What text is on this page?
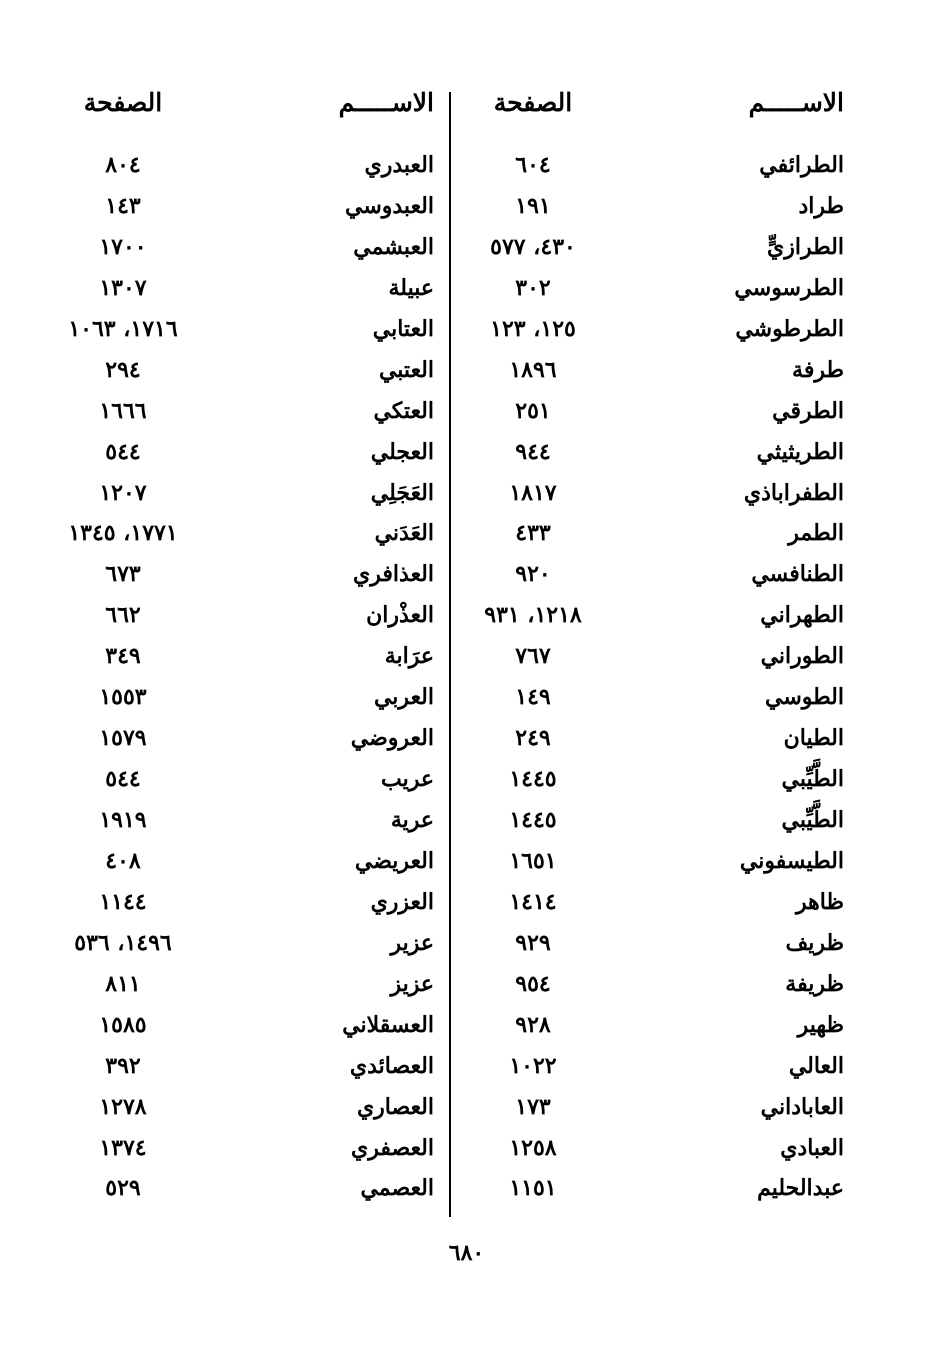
الاســـــم
الصفحة
الطرائفي
٦٠٤
طراد
١٩١
الطرازيٍّ
٤٣٠، ٥٧٧
الطرسوسي
٣٠٢
الطرطوشي
١٢٥، ١٢٣
طرفة
١٨٩٦
الطرقي
٢٥١
الطريثيثي
٩٤٤
الطفراباذي
١٨١٧
الطمر
٤٣٣
الطنافسي
٩٢٠
الطهراني
١٢١٨، ٩٣١
الطوراني
٧٦٧
الطوسي
١٤٩
الطيان
٢٤٩
الطَّيِّبي
١٤٤٥
الطَّيِّبي
١٤٤٥
الطيسفوني
١٦٥١
ظاهر
١٤١٤
ظريف
٩٢٩
ظريفة
٩٥٤
ظهير
٩٢٨
العالي
١٠٢٢
العاباداني
١٧٣
العبادي
١٢٥٨
عبدالحليم
١١٥١
الاســـــم
الصفحة
العبدري
٨٠٤
العبدوسي
١٤٣
العبشمي
١٧٠٠
عبيلة
١٣٠٧
العتابي
١٧١٦، ١٠٦٣
العتبي
٢٩٤
العتكي
١٦٦٦
العجلي
٥٤٤
العَجَلِي
١٢٠٧
العَدَني
١٧٧١، ١٣٤٥
العذافري
٦٧٣
العذْران
٦٦٢
عرَابة
٣٤٩
العربي
١٥٥٣
العروضي
١٥٧٩
عريب
٥٤٤
عرية
١٩١٩
العريضي
٤٠٨
العزري
١١٤٤
عزير
١٤٩٦، ٥٣٦
عزيز
٨١١
العسقلاني
١٥٨٥
العصائدي
٣٩٢
العصاري
١٢٧٨
العصفري
١٣٧٤
العصمي
٥٢٩
٦٨٠
